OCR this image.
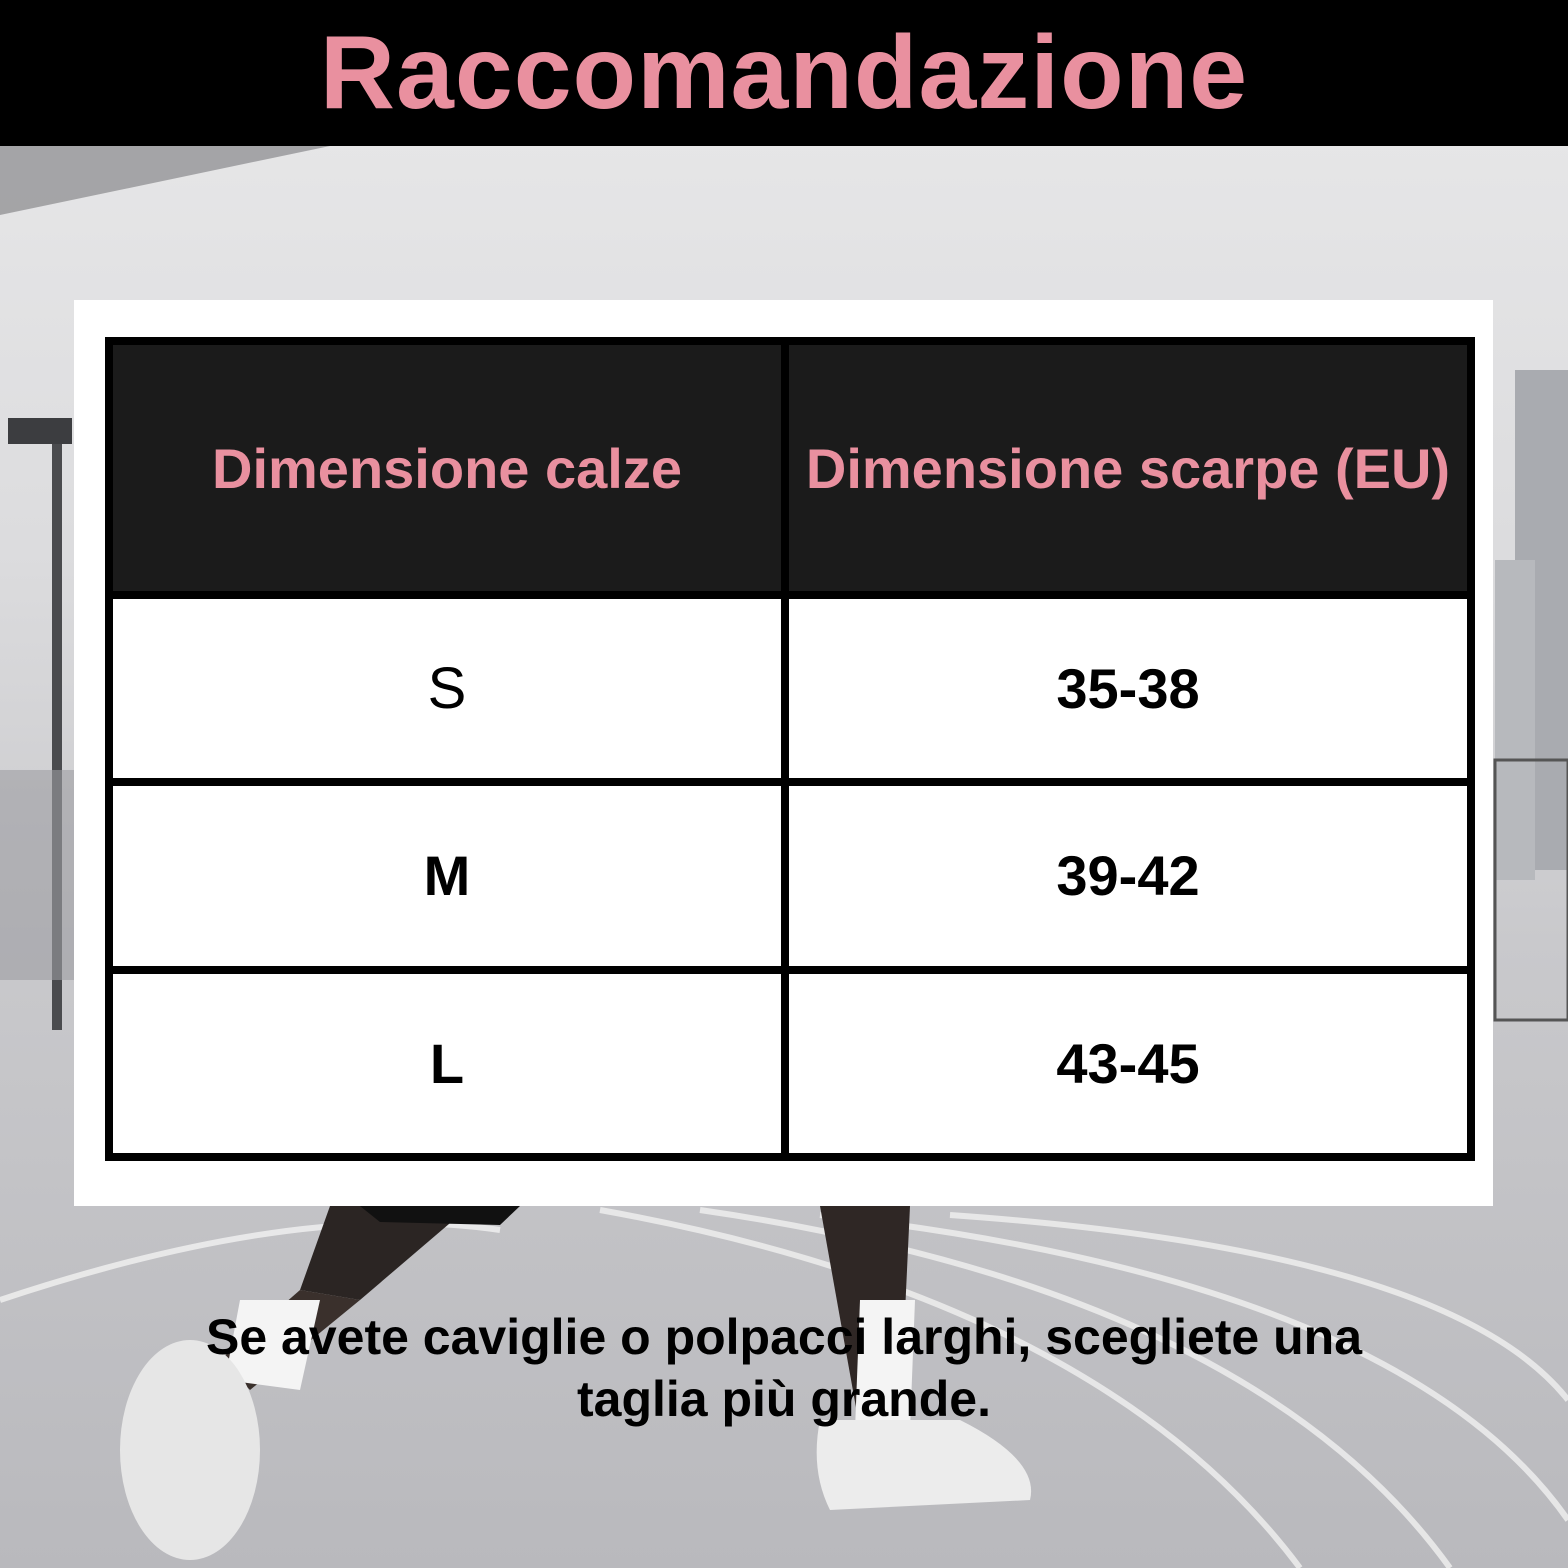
Raccomandazione
Dimensione calze	Dimensione scarpe (EU)
S	35-38
M	39-42
L	43-45
Se avete caviglie o polpacci larghi, scegliete una
taglia più grande.
